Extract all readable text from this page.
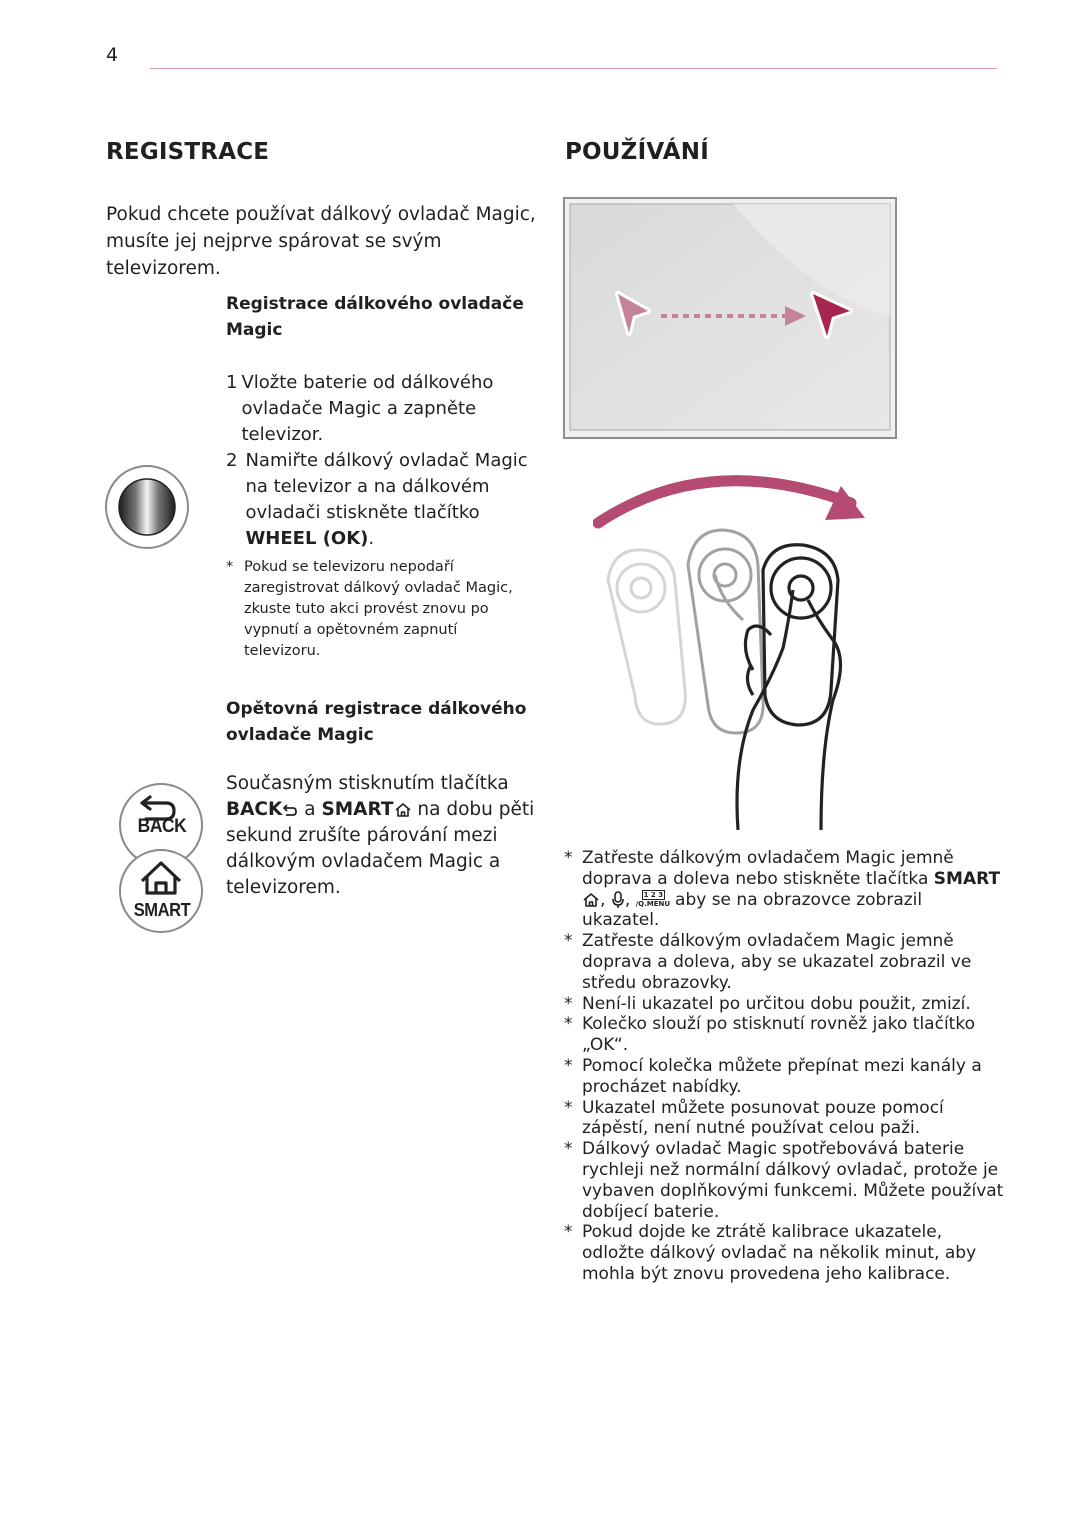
4
REGISTRACE
Pokud chcete používat dálkový ovladač Magic, musíte jej nejprve spárovat se svým televizorem.
Registrace dálkového ovladače Magic
1 Vložte baterie od dálkového ovladače Magic a zapněte televizor.
2 Namiřte dálkový ovladač Magic na televizor a na dálkovém ovladači stiskněte tlačítko WHEEL (OK).
* Pokud se televizoru nepodaří zaregistrovat dálkový ovladač Magic, zkuste tuto akci provést znovu po vypnutí a opětovném zapnutí televizoru.
Opětovná registrace dálkového ovladače Magic
BACK
SMART
Současným stisknutím tlačítka BACK a SMART na dobu pěti sekund zrušíte párování mezi dálkovým ovladačem Magic a televizorem.
POUŽÍVÁNÍ
* Zatřeste dálkovým ovladačem Magic jemně doprava a doleva nebo stiskněte tlačítka SMART , , 1 2 3
/Q.MENU aby se na obrazovce zobrazil ukazatel.
* Zatřeste dálkovým ovladačem Magic jemně doprava a doleva, aby se ukazatel zobrazil ve středu obrazovky.
* Není-li ukazatel po určitou dobu použit, zmizí.
* Kolečko slouží po stisknutí rovněž jako tlačítko „OK“.
* Pomocí kolečka můžete přepínat mezi kanály a procházet nabídky.
* Ukazatel můžete posunovat pouze pomocí zápěstí, není nutné používat celou paži.
* Dálkový ovladač Magic spotřebovává baterie rychleji než normální dálkový ovladač, protože je vybaven doplňkovými funkcemi. Můžete používat dobíjecí baterie.
* Pokud dojde ke ztrátě kalibrace ukazatele, odložte dálkový ovladač na několik minut, aby mohla být znovu provedena jeho kalibrace.
